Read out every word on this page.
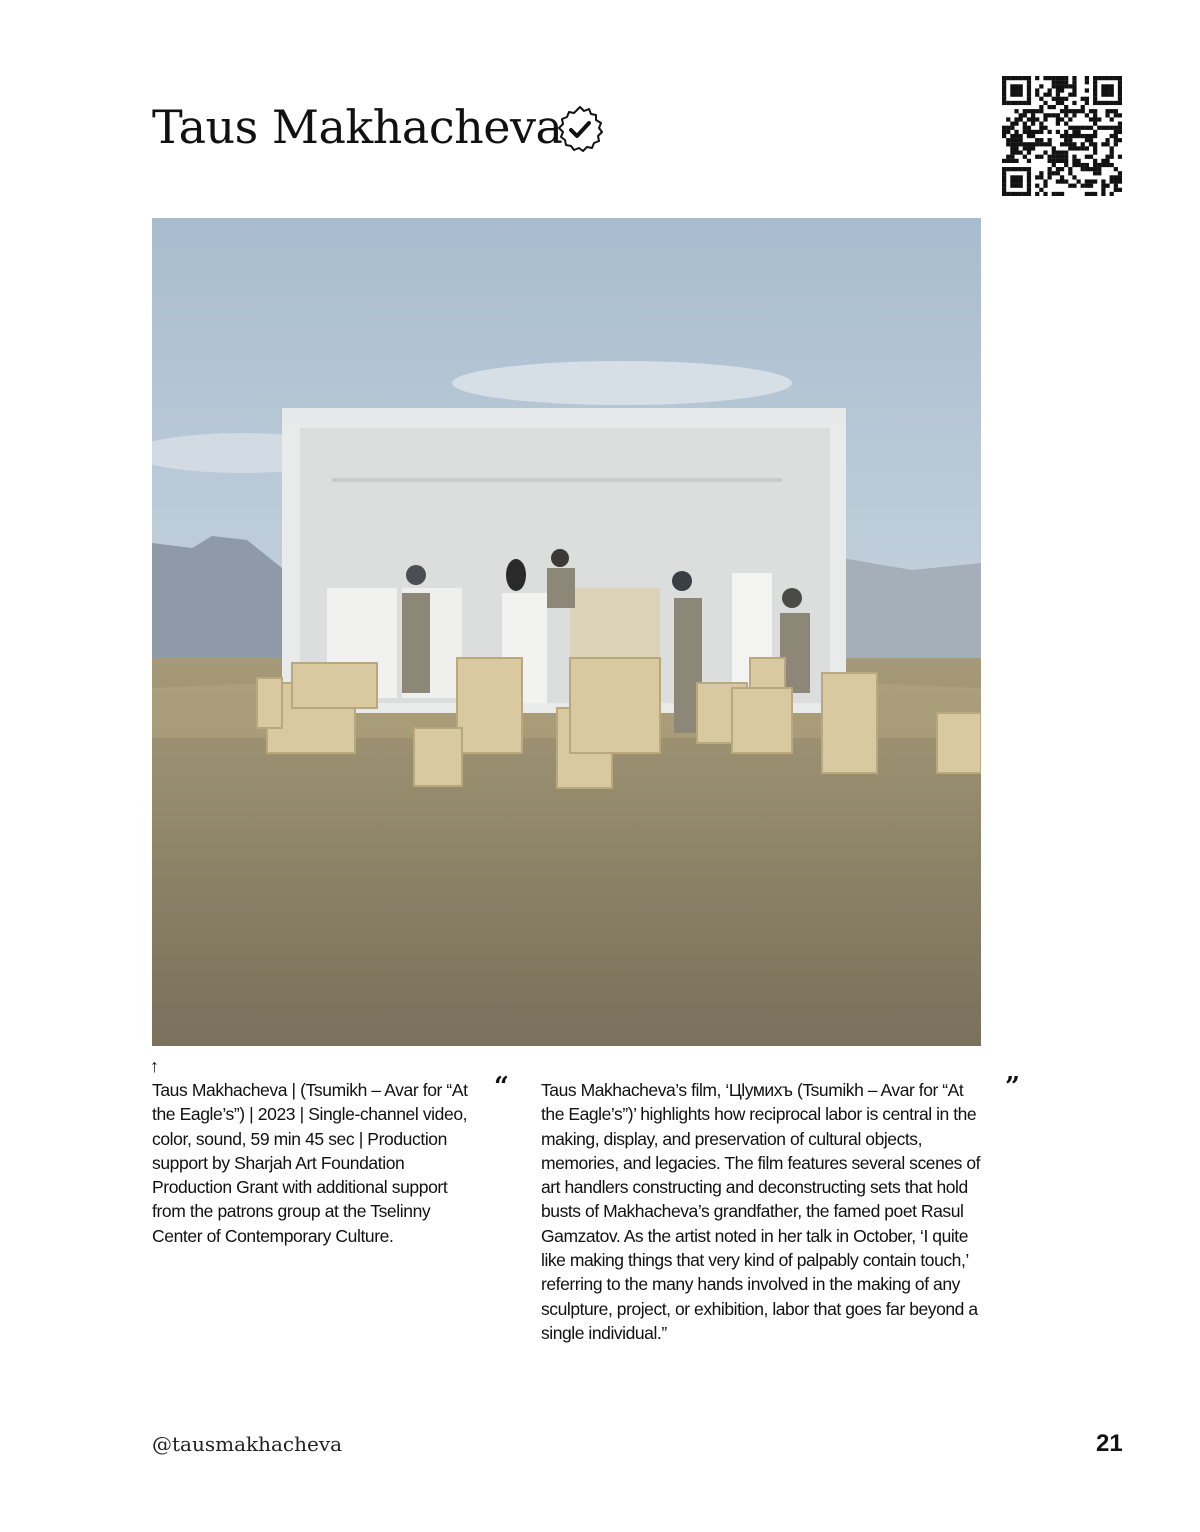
Taus Makhacheva
↑
Taus Makhacheva | (Tsumikh – Avar for “At the Eagle’s”) | 2023 | Single-channel video, color, sound, 59 min 45 sec | Production support by Sharjah Art Foundation Production Grant with additional support from the patrons group at the Tselinny Center of Contemporary Culture.
“ Taus Makhacheva’s film, ‘Цӏумихъ (Tsumikh – Avar for “At the Eagle’s”)’ highlights how reciprocal labor is central in the making, display, and preservation of cultural objects, memories, and legacies. The film features several scenes of art handlers constructing and deconstructing sets that hold busts of Makhacheva’s grandfather, the famed poet Rasul Gamzatov. As the artist noted in her talk in October, ‘I quite like making things that very kind of palpably contain touch,’ referring to the many hands involved in the making of any sculpture, project, or exhibition, labor that goes far beyond a single individual.”
”
@tausmakhacheva	21
